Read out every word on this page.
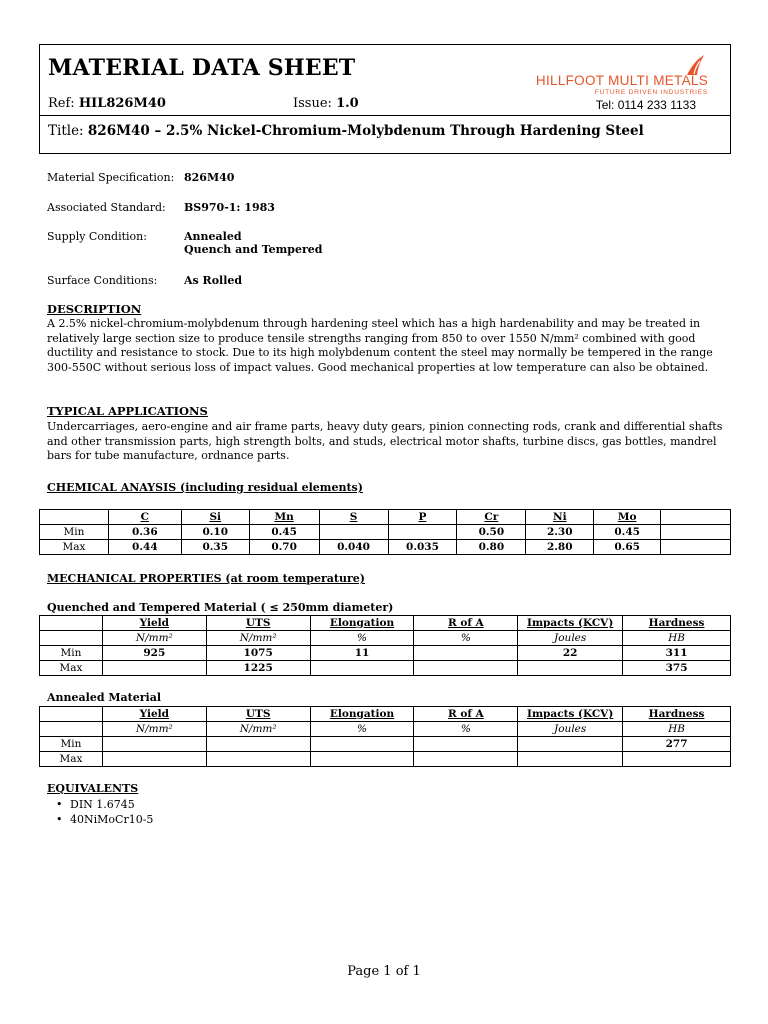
MATERIAL DATA SHEET	HILLFOOT MULTI METALS
FUTURE DRIVEN INDUSTRIES
Ref: HIL826M40	Issue: 1.0	Tel: 0114 233 1133
Title: 826M40 – 2.5% Nickel-Chromium-Molybdenum Through Hardening Steel
Material Specification: 826M40
Associated Standard: BS970-1: 1983
Supply Condition:	Annealed
Quench and Tempered
Surface Conditions: As Rolled
DESCRIPTION
A 2.5% nickel-chromium-molybdenum through hardening steel which has a high hardenability and may be treated in relatively large section size to produce tensile strengths ranging from 850 to over 1550 N/mm² combined with good ductility and resistance to stock. Due to its high molybdenum content the steel may normally be tempered in the range 300-550C without serious loss of impact values. Good mechanical properties at low temperature can also be obtained.
TYPICAL APPLICATIONS
Undercarriages, aero-engine and air frame parts, heavy duty gears, pinion connecting rods, crank and differential shafts and other transmission parts, high strength bolts, and studs, electrical motor shafts, turbine discs, gas bottles, mandrel bars for tube manufacture, ordnance parts.
CHEMICAL ANAYSIS (including residual elements)
	C	Si	Mn	S	P	Cr	Ni	Mo	
Min	0.36	0.10	0.45			0.50	2.30	0.45	
Max	0.44	0.35	0.70	0.040	0.035	0.80	2.80	0.65	
MECHANICAL PROPERTIES (at room temperature)
Quenched and Tempered Material ( ≤ 250mm diameter)
	Yield	UTS	Elongation	R of A	Impacts (KCV)	Hardness
	N/mm²	N/mm²	%	%	Joules	HB
Min	925	1075	11		22	311
Max		1225				375
Annealed Material
	Yield	UTS	Elongation	R of A	Impacts (KCV)	Hardness
	N/mm²	N/mm²	%	%	Joules	HB
Min						277
Max						
EQUIVALENTS
• DIN 1.6745
• 40NiMoCr10-5
Page 1 of 1
